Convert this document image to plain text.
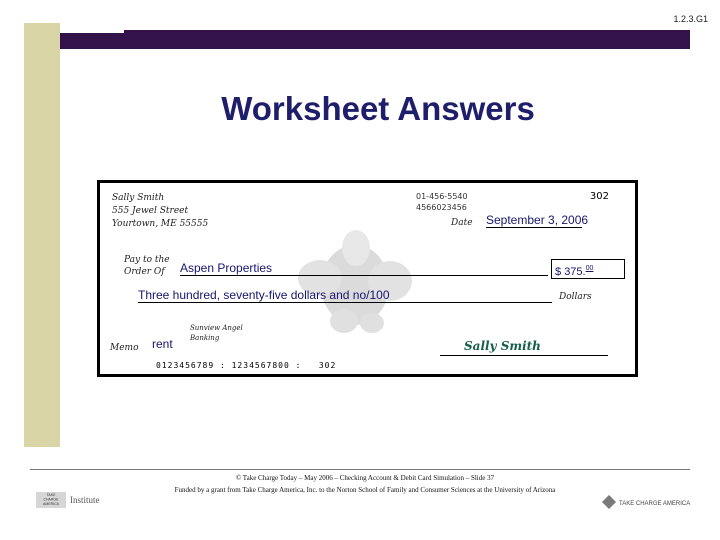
1.2.3.G1
Worksheet Answers
Sally Smith
555 Jewel Street
Yourtown, ME 55555
01-456-5540
4566023456
302
Date September 3, 2006
Pay to the
Order Of	Aspen Properties	$ 375.00
Three hundred, seventy-five dollars and no/100	Dollars
Sunview Angel
Banking
Memo rent	Sally Smith
0123456789 : 1234567800 :   302
TAKE
CHARGE
AMERICA Institute
© Take Charge Today – May 2006 – Checking Account & Debit Card Simulation – Slide 37
Funded by a grant from Take Charge America, Inc. to the Norton School of Family and Consumer Sciences at the University of Arizona
TAKE CHARGE AMERICA
